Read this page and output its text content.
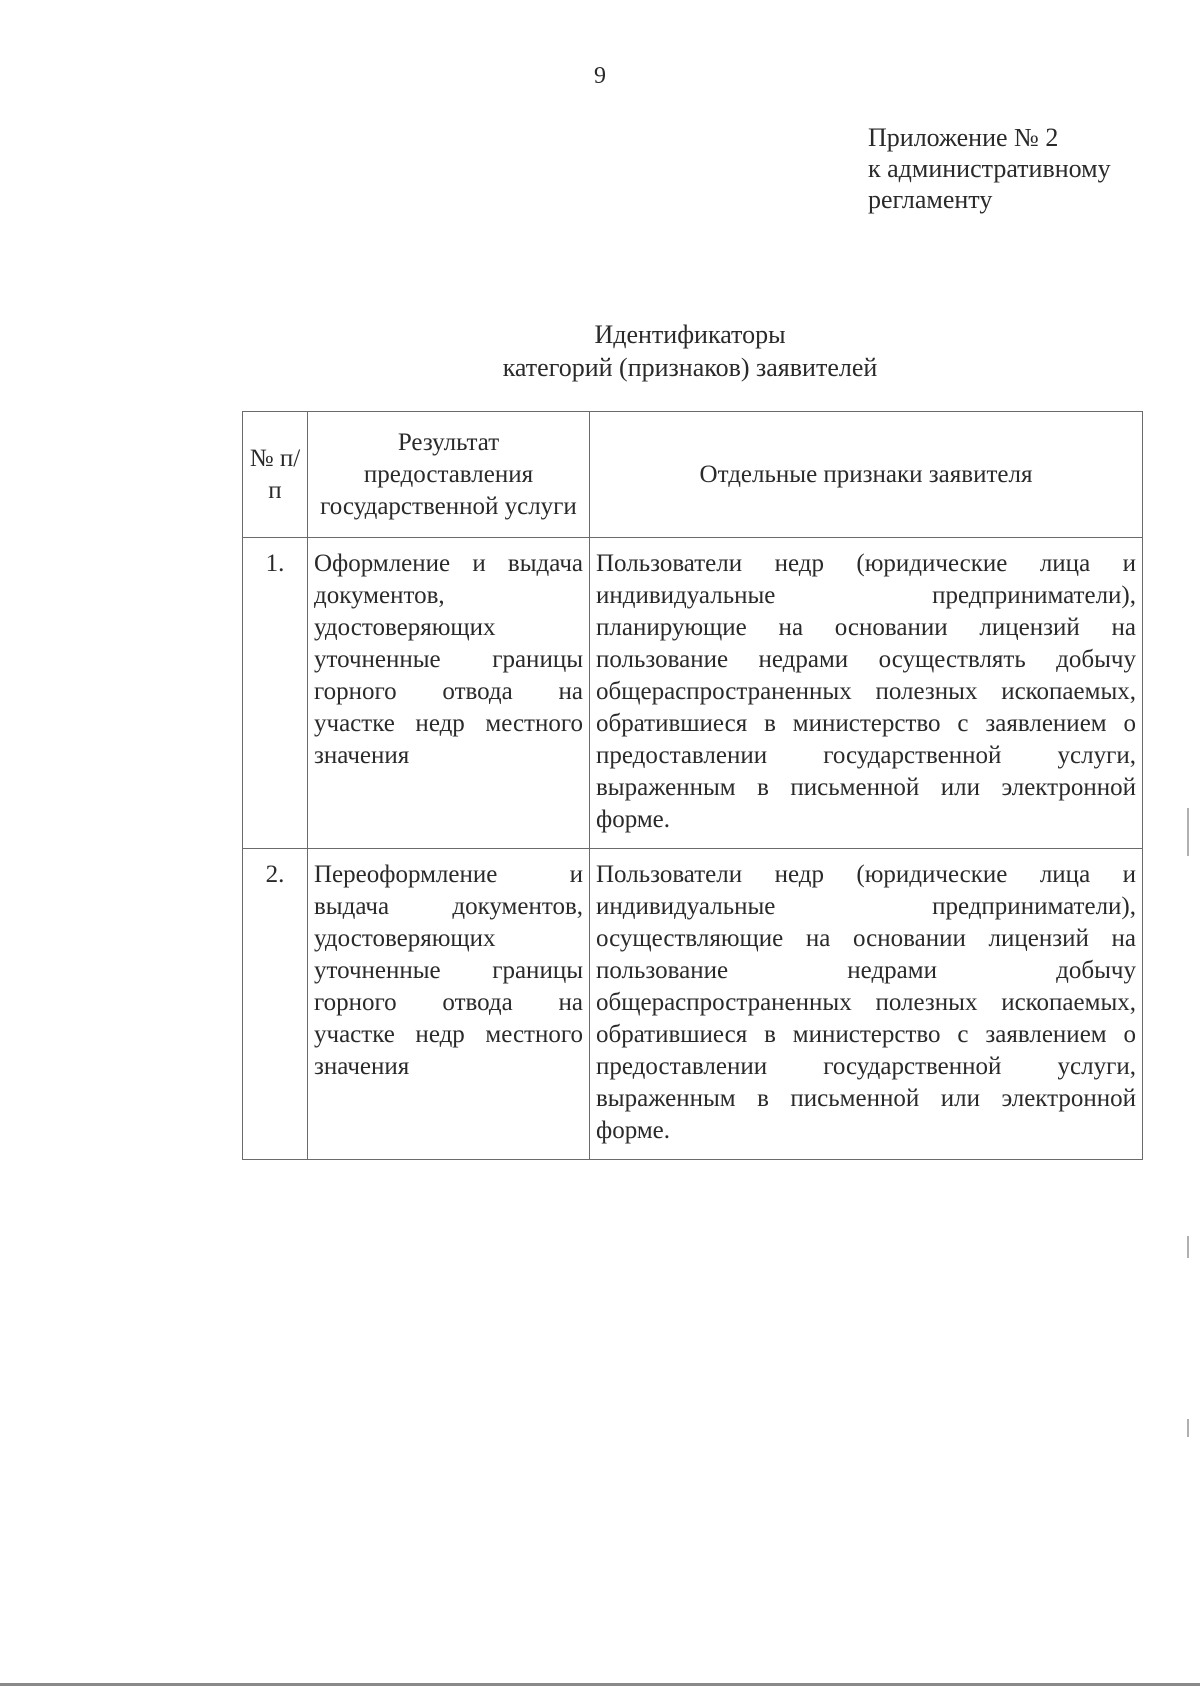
9
Приложение № 2
к административному
регламенту
Идентификаторы
категорий (признаков) заявителей
№ п/п	Результат предоставления государственной услуги	Отдельные признаки заявителя
1.	Оформление и выдача документов, удостоверяющих уточненные границы горного отвода на участке недр местного значения	Пользователи недр (юридические лица и индивидуальные предприниматели), планирующие на основании лицензий на пользование недрами осуществлять добычу общераспространенных полезных ископаемых, обратившиеся в министерство с заявлением о предоставлении государственной услуги, выраженным в письменной или электронной форме.
2.	Переоформление и выдача документов, удостоверяющих уточненные границы горного отвода на участке недр местного значения	Пользователи недр (юридические лица и индивидуальные предприниматели), осуществляющие на основании лицензий на пользование недрами добычу общераспространенных полезных ископаемых, обратившиеся в министерство с заявлением о предоставлении государственной услуги, выраженным в письменной или электронной форме.
